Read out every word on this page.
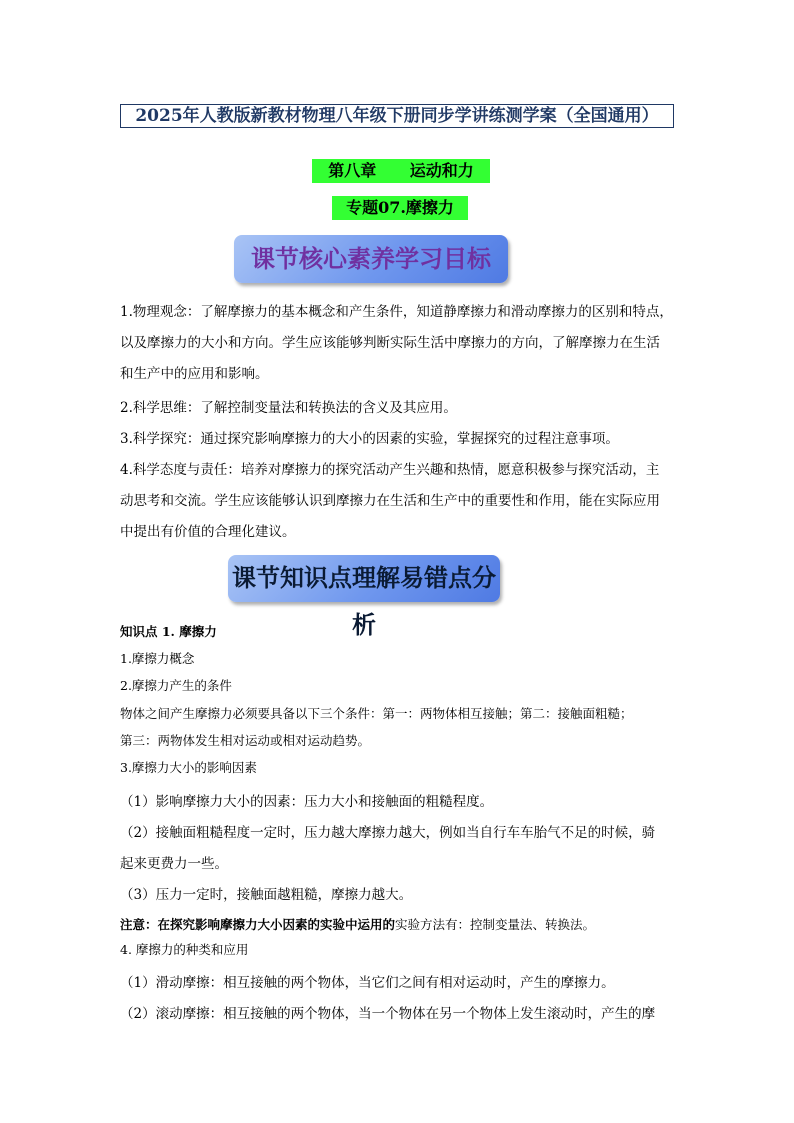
2025年人教版新教材物理八年级下册同步学讲练测学案（全国通用）
第八章      运动和力
专题07.摩擦力
课节核心素养学习目标
1.物理观念：了解摩擦力的基本概念和产生条件，知道静摩擦力和滑动摩擦力的区别和特点，
以及摩擦力的大小和方向。学生应该能够判断实际生活中摩擦力的方向，了解摩擦力在生活
和生产中的应用和影响。
2.科学思维：了解控制变量法和转换法的含义及其应用。
3.科学探究：通过探究影响摩擦力的大小的因素的实验，掌握探究的过程注意事项。
4.科学态度与责任：培养对摩擦力的探究活动产生兴趣和热情，愿意积极参与探究活动，主
动思考和交流。学生应该能够认识到摩擦力在生活和生产中的重要性和作用，能在实际应用
中提出有价值的合理化建议。
课节知识点理解易错点分析
知识点 1. 摩擦力
1.摩擦力概念
2.摩擦力产生的条件
物体之间产生摩擦力必须要具备以下三个条件：第一：两物体相互接触；第二：接触面粗糙；
第三：两物体发生相对运动或相对运动趋势。
3.摩擦力大小的影响因素
（1）影响摩擦力大小的因素：压力大小和接触面的粗糙程度。
（2）接触面粗糙程度一定时，压力越大摩擦力越大，例如当自行车车胎气不足的时候，骑
起来更费力一些。
（3）压力一定时，接触面越粗糙，摩擦力越大。
注意：在探究影响摩擦力大小因素的实验中运用的实验方法有：控制变量法、转换法。
4. 摩擦力的种类和应用
（1）滑动摩擦：相互接触的两个物体，当它们之间有相对运动时，产生的摩擦力。
（2）滚动摩擦：相互接触的两个物体，当一个物体在另一个物体上发生滚动时，产生的摩
